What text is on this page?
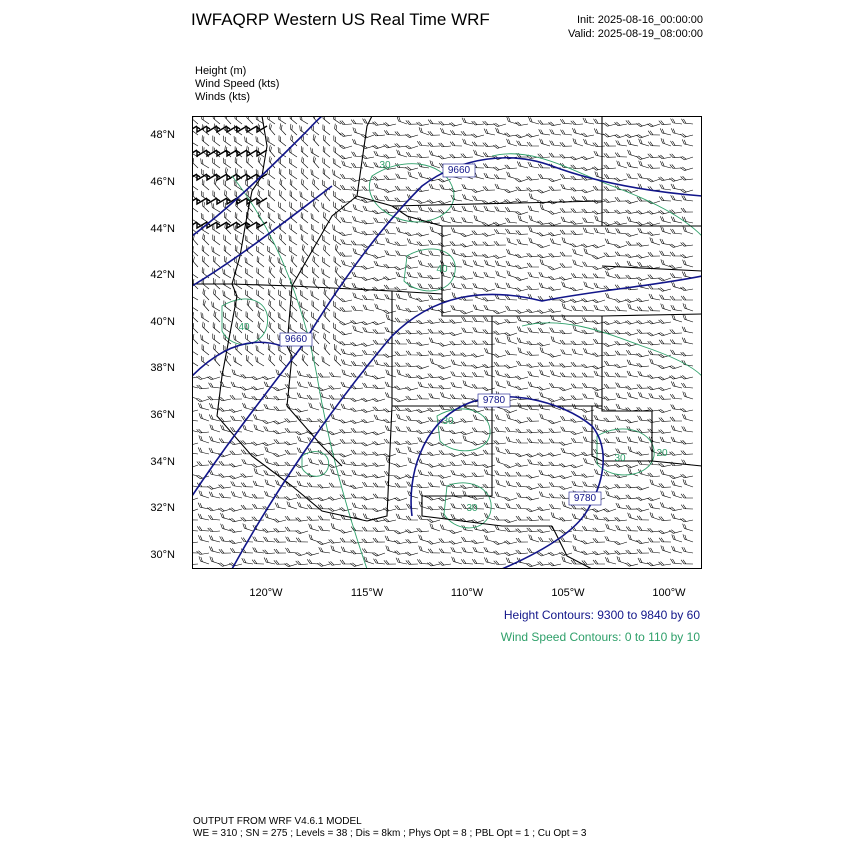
IWFAQRP Western US Real Time WRF	Init: 2025-08-16_00:00:00
Valid: 2025-08-19_08:00:00
Height (m)
Wind Speed (kts)
Winds (kts)
48°N
46°N
44°N
42°N
40°N
38°N
36°N
34°N
32°N
30°N
120°W	115°W	110°W	105°W	100°W
9660
9660
9780
9780
30
40
40
30
30
30	20
Height Contours: 9300 to 9840 by 60
Wind Speed Contours: 0 to 110 by 10
OUTPUT FROM WRF V4.6.1 MODEL
WE = 310 ; SN = 275 ; Levels = 38 ; Dis = 8km ; Phys Opt = 8 ; PBL Opt = 1 ; Cu Opt = 3
